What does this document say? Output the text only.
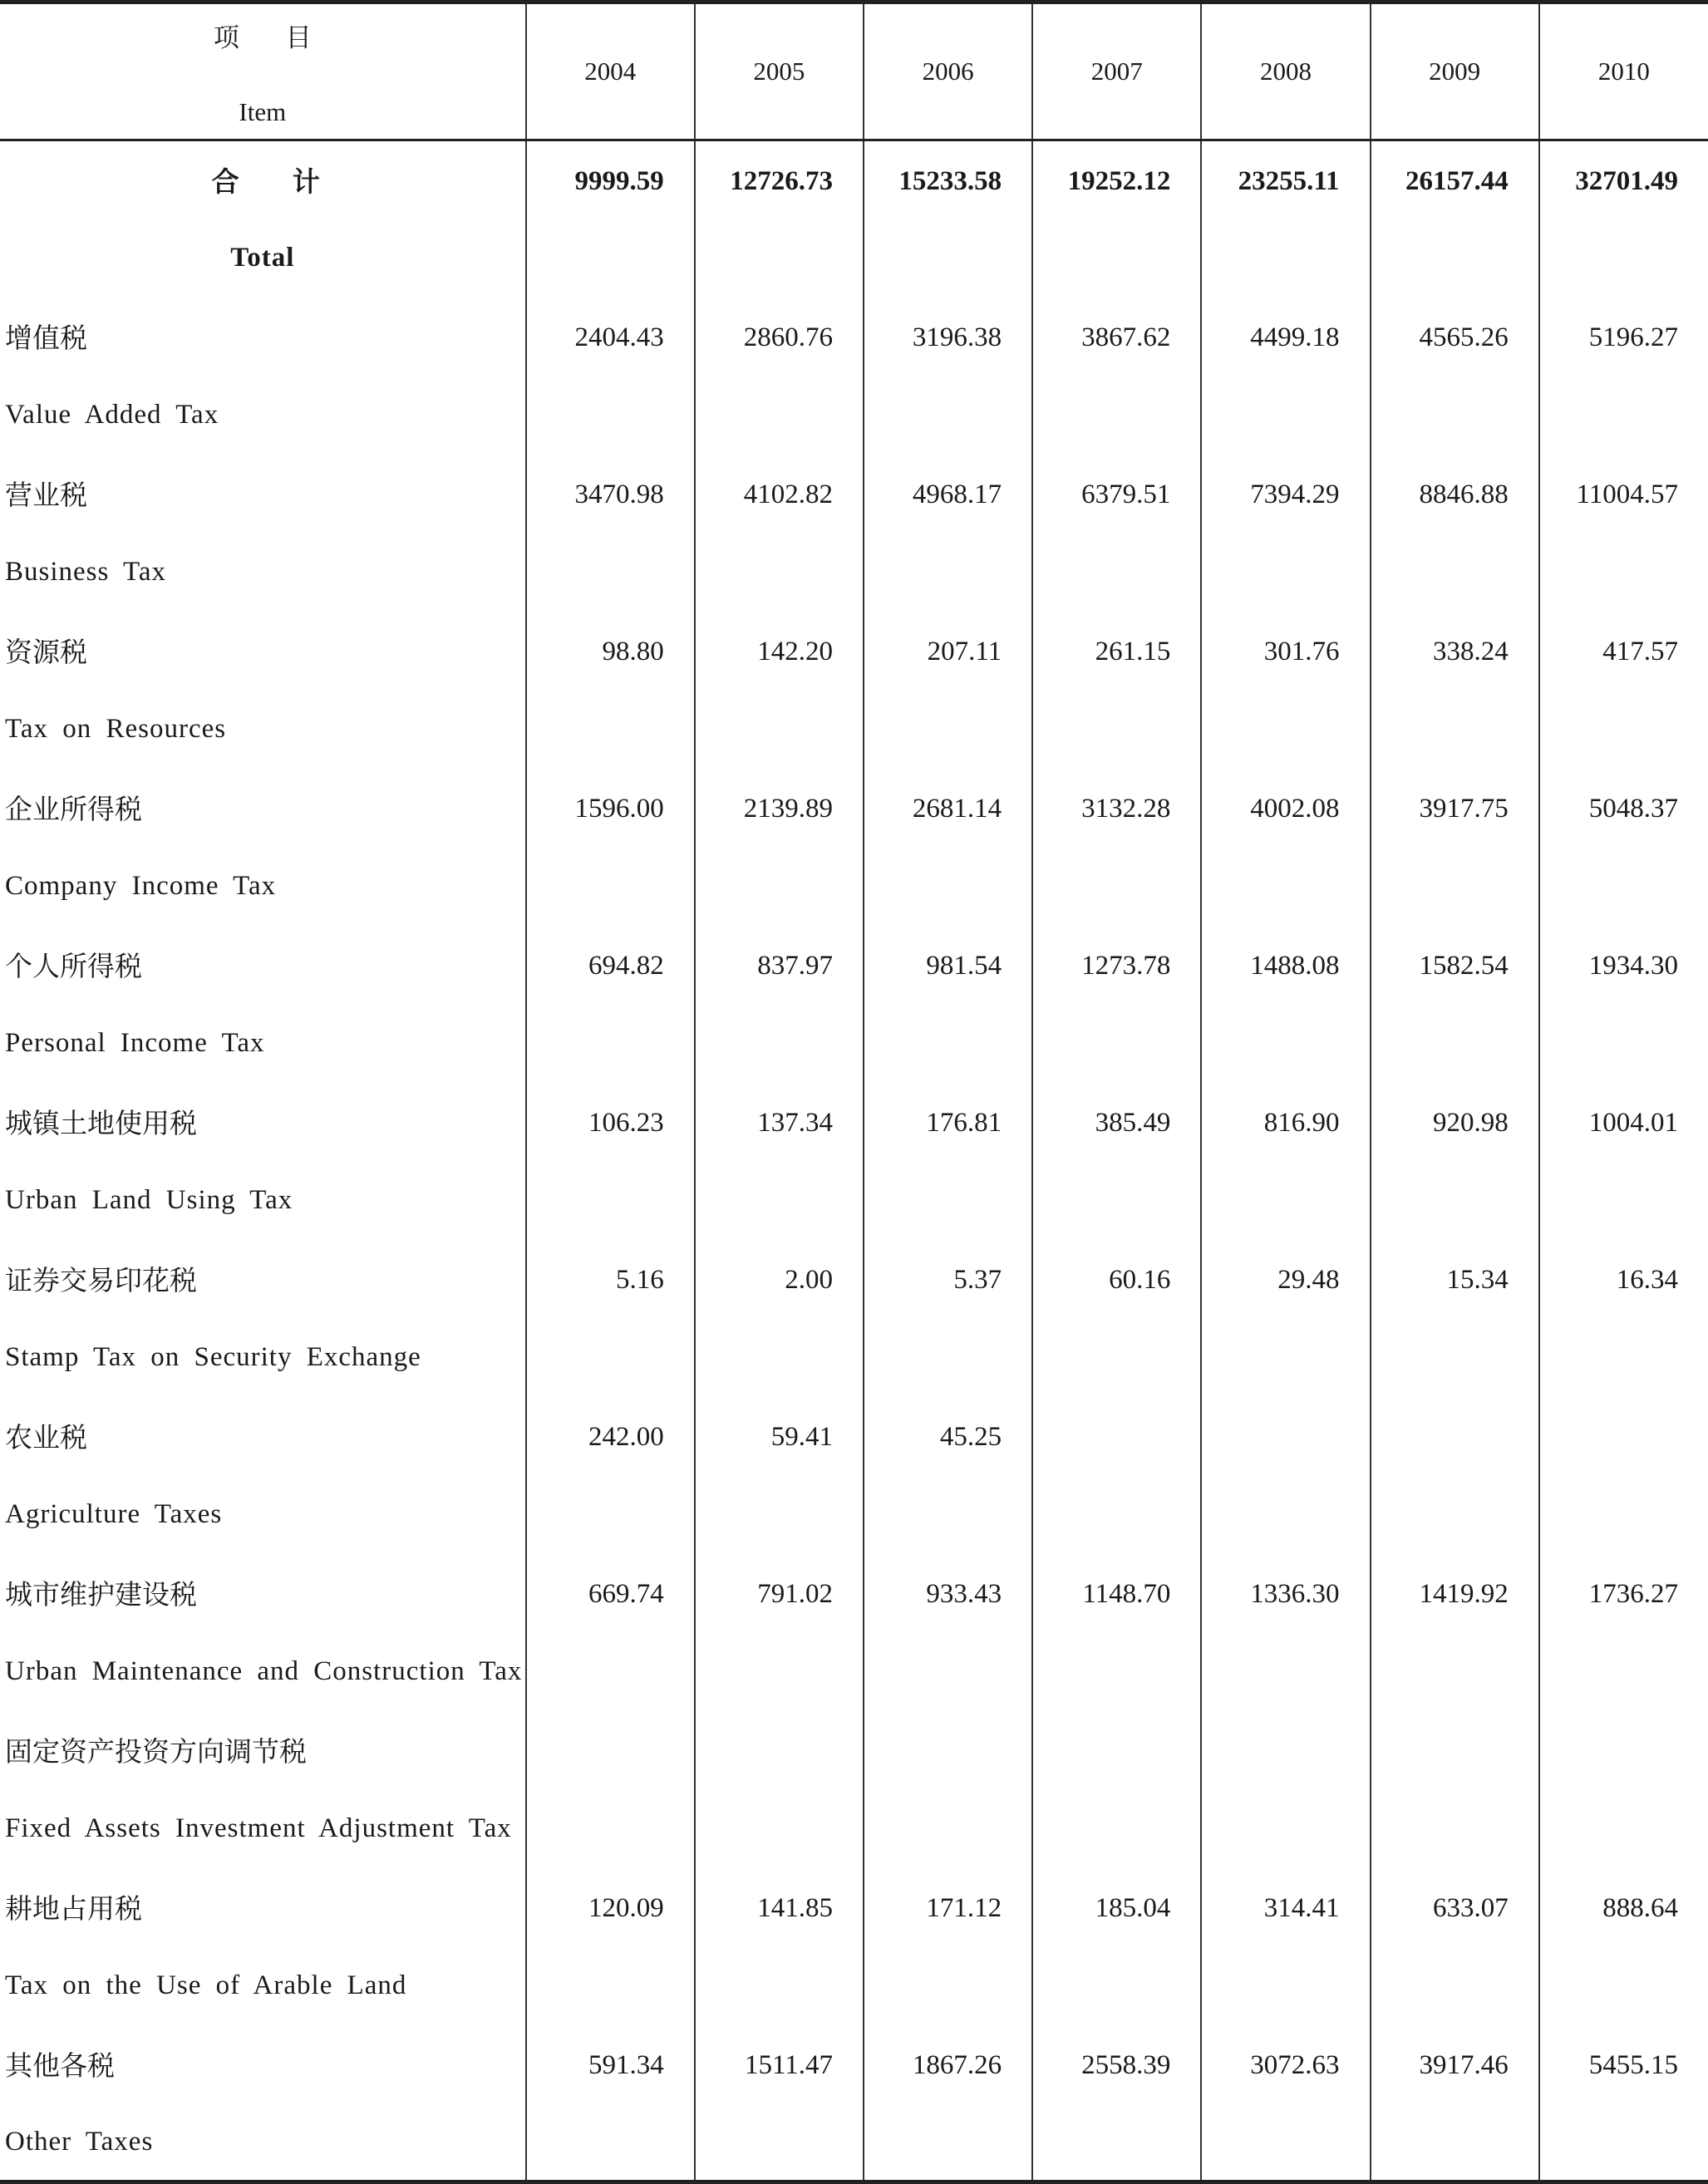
项 目
Item	2004	2005	2006	2007	2008	2009	2010
合 计	9999.59	12726.73	15233.58	19252.12	23255.11	26157.44	32701.49
Total							
增值税	2404.43	2860.76	3196.38	3867.62	4499.18	4565.26	5196.27
Value Added Tax							
营业税	3470.98	4102.82	4968.17	6379.51	7394.29	8846.88	11004.57
Business Tax							
资源税	98.80	142.20	207.11	261.15	301.76	338.24	417.57
Tax on Resources							
企业所得税	1596.00	2139.89	2681.14	3132.28	4002.08	3917.75	5048.37
Company Income Tax							
个人所得税	694.82	837.97	981.54	1273.78	1488.08	1582.54	1934.30
Personal Income Tax							
城镇土地使用税	106.23	137.34	176.81	385.49	816.90	920.98	1004.01
Urban Land Using Tax							
证券交易印花税	5.16	2.00	5.37	60.16	29.48	15.34	16.34
Stamp Tax on Security Exchange							
农业税	242.00	59.41	45.25				
Agriculture Taxes							
城市维护建设税	669.74	791.02	933.43	1148.70	1336.30	1419.92	1736.27
Urban Maintenance and Construction Tax							
固定资产投资方向调节税							
Fixed Assets Investment Adjustment Tax							
耕地占用税	120.09	141.85	171.12	185.04	314.41	633.07	888.64
Tax on the Use of Arable Land							
其他各税	591.34	1511.47	1867.26	2558.39	3072.63	3917.46	5455.15
Other Taxes							
